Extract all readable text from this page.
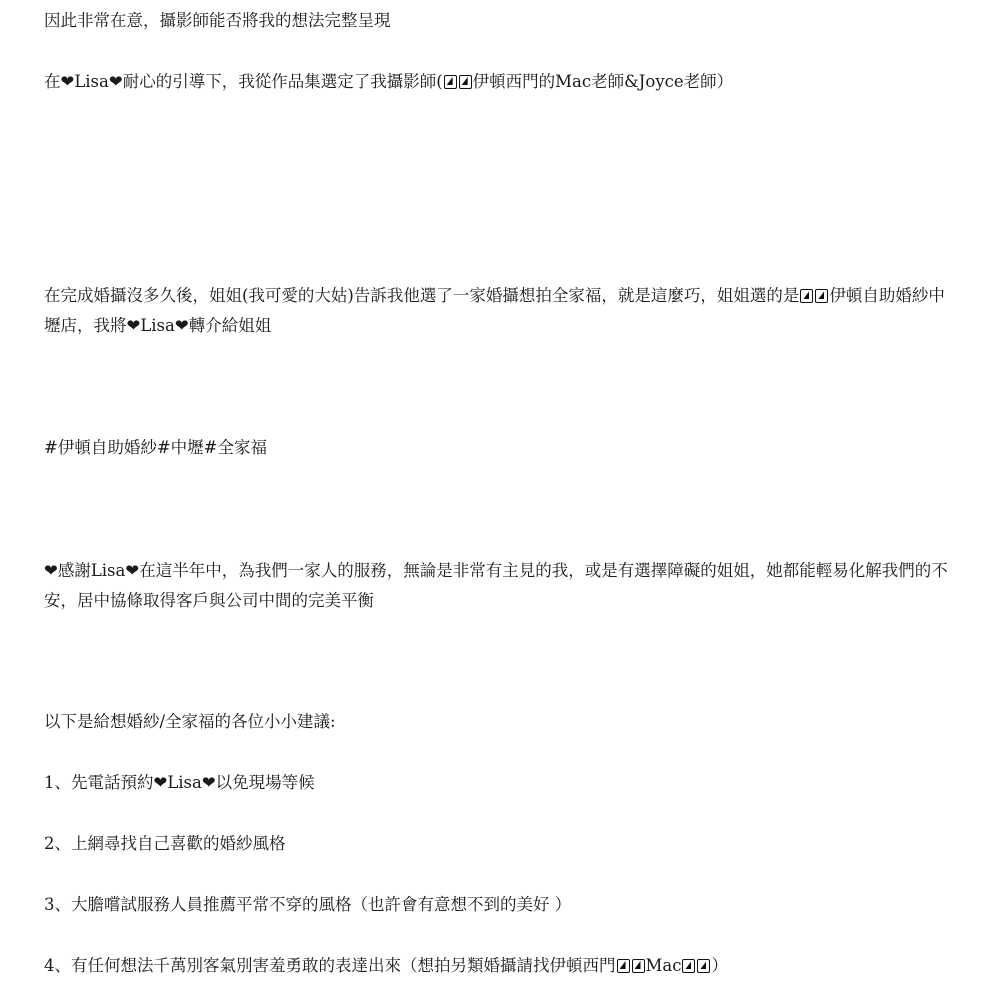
因此非常在意，攝影師能否將我的想法完整呈現

在❤Lisa❤耐心的引導下，我從作品集選定了我攝影師( 伊頓西門的Mac老師&Joyce老師）

在完成婚攝沒多久後，姐姐(我可愛的大姑)告訴我他選了一家婚攝想拍全家福，就是這麼巧，姐姐選的是 伊頓自助婚紗中壢店，我將❤Lisa❤轉介給姐姐

#伊頓自助婚紗#中壢#全家福

❤感謝Lisa❤在這半年中，為我們一家人的服務，無論是非常有主見的我，或是有選擇障礙的姐姐，她都能輕易化解我們的不安，居中協條取得客戶與公司中間的完美平衡

以下是給想婚紗/全家福的各位小小建議:

1、先電話預約❤Lisa❤以免現場等候

2、上網尋找自己喜歡的婚紗風格

3、大膽嚐試服務人員推薦平常不穿的風格（也許會有意想不到的美好 ）

4、有任何想法千萬別客氣別害羞勇敢的表達出來（想拍另類婚攝請找伊頓西門 Mac ）
